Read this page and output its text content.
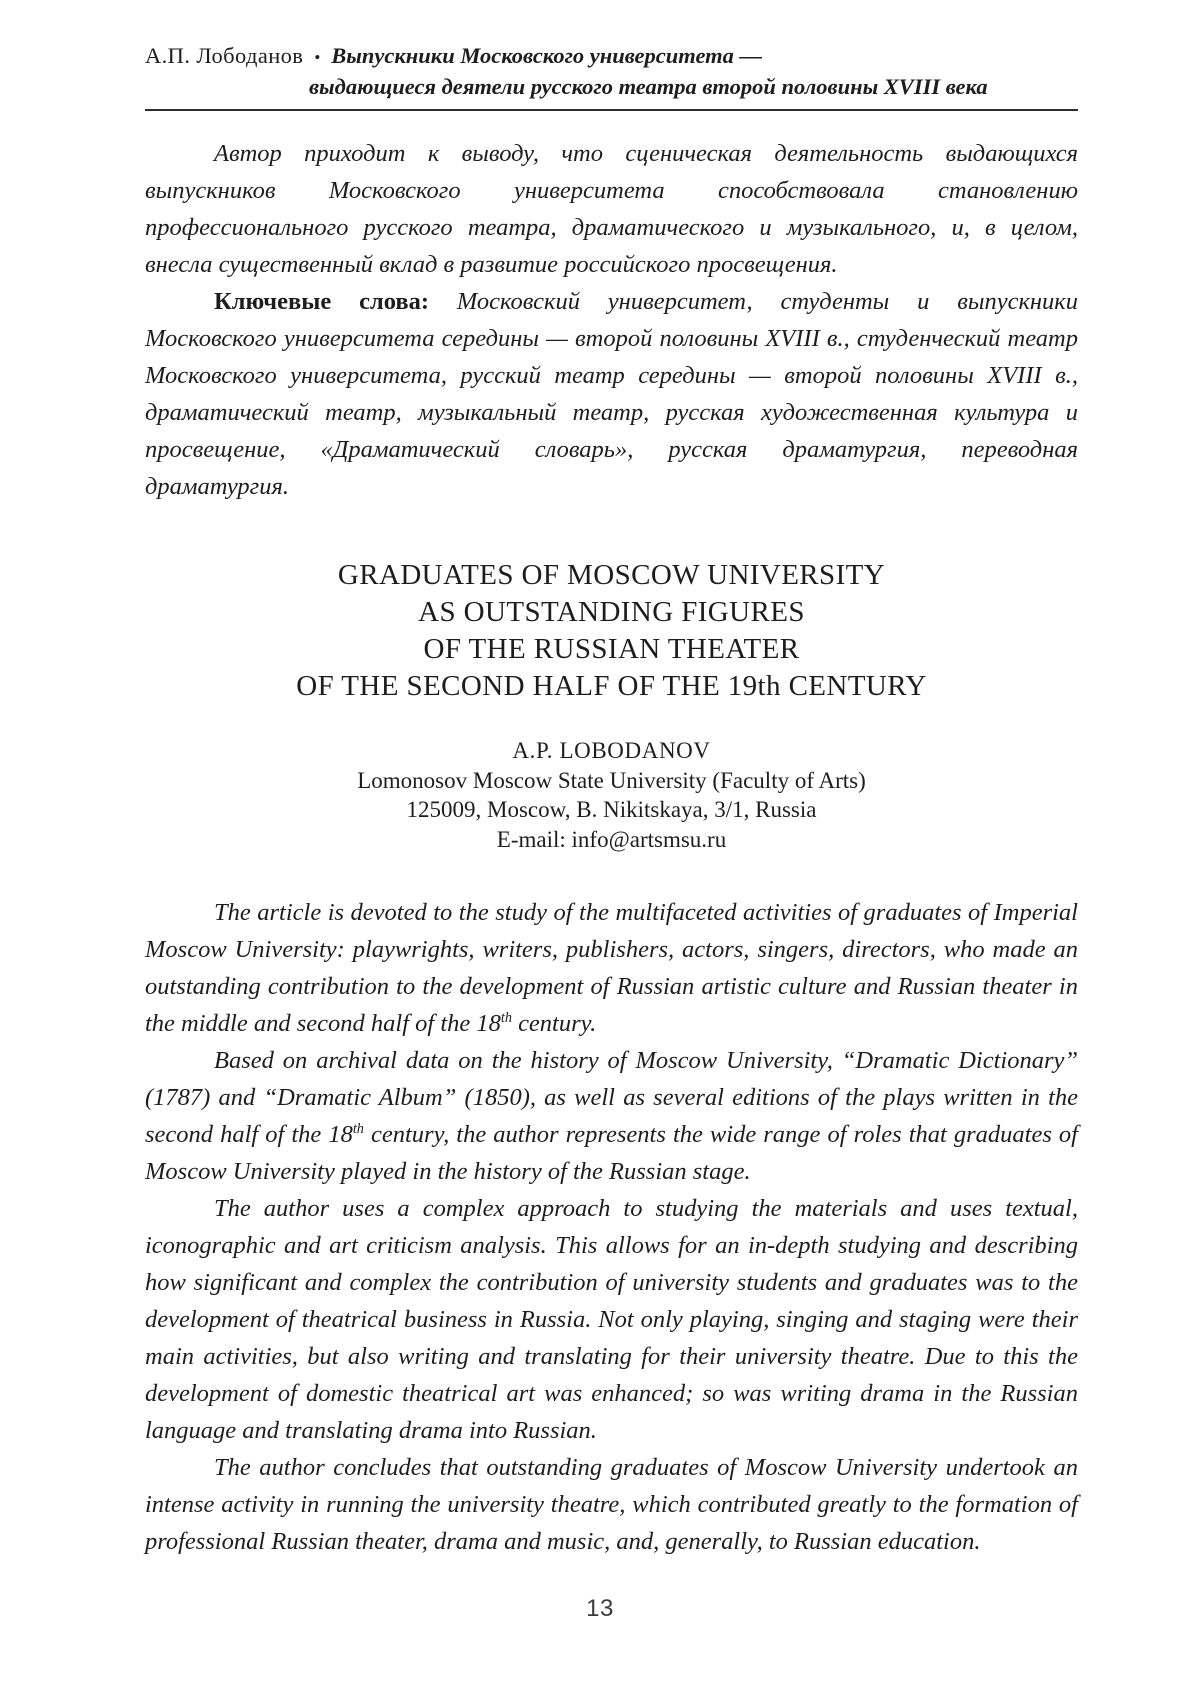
А.П. Лободанов • Выпускники Московского университета —
выдающиеся деятели русского театра второй половины XVIII века

Автор приходит к выводу, что сценическая деятельность выдающихся выпускников Московского университета способствовала становлению профессионального русского театра, драматического и музыкального, и, в целом, внесла существенный вклад в развитие российского просвещения.

Ключевые слова: Московский университет, студенты и выпускники Московского университета середины — второй половины XVIII в., студенческий театр Московского университета, русский театр середины — второй половины XVIII в., драматический театр, музыкальный театр, русская художественная культура и просвещение, «Драматический словарь», русская драматургия, переводная драматургия.

GRADUATES OF MOSCOW UNIVERSITY
AS OUTSTANDING FIGURES
OF THE RUSSIAN THEATER
OF THE SECOND HALF OF THE 19th CENTURY
A.P. LOBODANOV
Lomonosov Moscow State University (Faculty of Arts)
125009, Moscow, B. Nikitskaya, 3/1, Russia
E-mail: info@artsmsu.ru

The article is devoted to the study of the multifaceted activities of graduates of Imperial Moscow University: playwrights, writers, publishers, actors, singers, directors, who made an outstanding contribution to the development of Russian artistic culture and Russian theater in the middle and second half of the 18th century.

Based on archival data on the history of Moscow University, “Dramatic Dictionary” (1787) and “Dramatic Album” (1850), as well as several editions of the plays written in the second half of the 18th century, the author represents the wide range of roles that graduates of Moscow University played in the history of the Russian stage.

The author uses a complex approach to studying the materials and uses textual, iconographic and art criticism analysis. This allows for an in-depth studying and describing how significant and complex the contribution of university students and graduates was to the development of theatrical business in Russia. Not only playing, singing and staging were their main activities, but also writing and translating for their university theatre. Due to this the development of domestic theatrical art was enhanced; so was writing drama in the Russian language and translating drama into Russian.

The author concludes that outstanding graduates of Moscow University undertook an intense activity in running the university theatre, which contributed greatly to the formation of professional Russian theater, drama and music, and, generally, to Russian education.

13
